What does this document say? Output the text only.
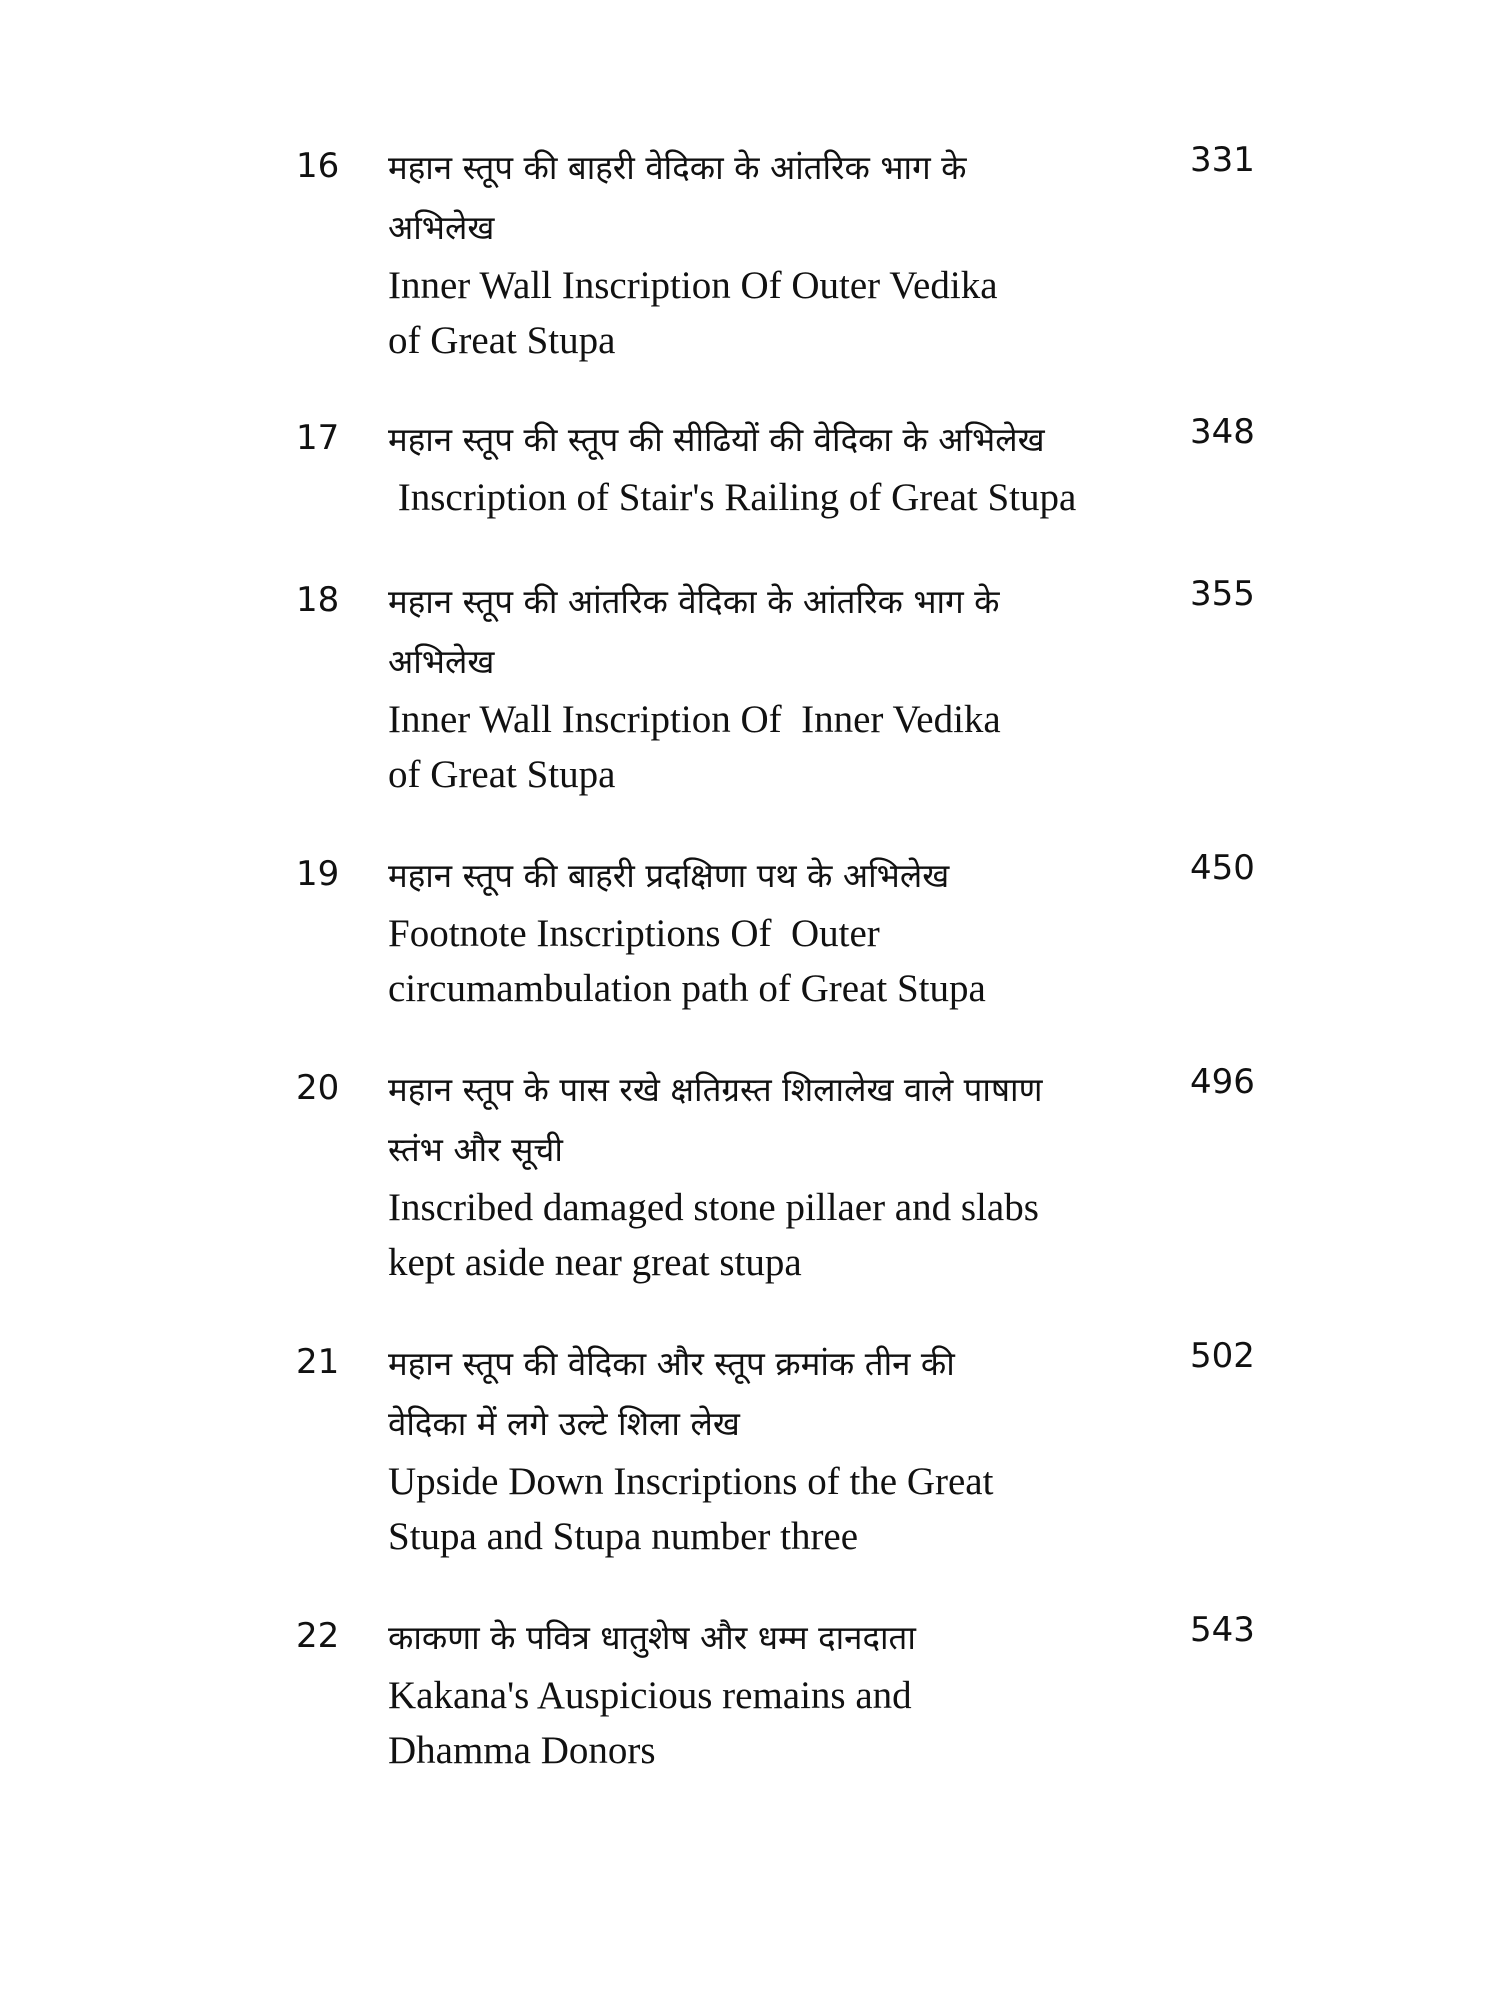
16 महान स्तूप की बाहरी वेदिका के आंतरिक भाग के

अभिलेख

Inner Wall Inscription Of Outer Vedika

of Great Stupa

331
17 महान स्तूप की स्तूप की सीढियों की वेदिका के अभिलेख

Inscription of Stair's Railing of Great Stupa

348
18 महान स्तूप की आंतरिक वेदिका के आंतरिक भाग के

अभिलेख

Inner Wall Inscription Of  Inner Vedika

of Great Stupa

355
19 महान स्तूप की बाहरी प्रदक्षिणा पथ के अभिलेख

Footnote Inscriptions Of  Outer

circumambulation path of Great Stupa

450
20 महान स्तूप के पास रखे क्षतिग्रस्त शिलालेख वाले पाषाण

स्तंभ और सूची

Inscribed damaged stone pillaer and slabs

kept aside near great stupa

496
21 महान स्तूप की वेदिका और स्तूप क्रमांक तीन की

वेदिका में लगे उल्टे शिला लेख

Upside Down Inscriptions of the Great

Stupa and Stupa number three

502
22 काकणा के पवित्र धातुशेष और धम्म दानदाता

Kakana's Auspicious remains and

Dhamma Donors

543
